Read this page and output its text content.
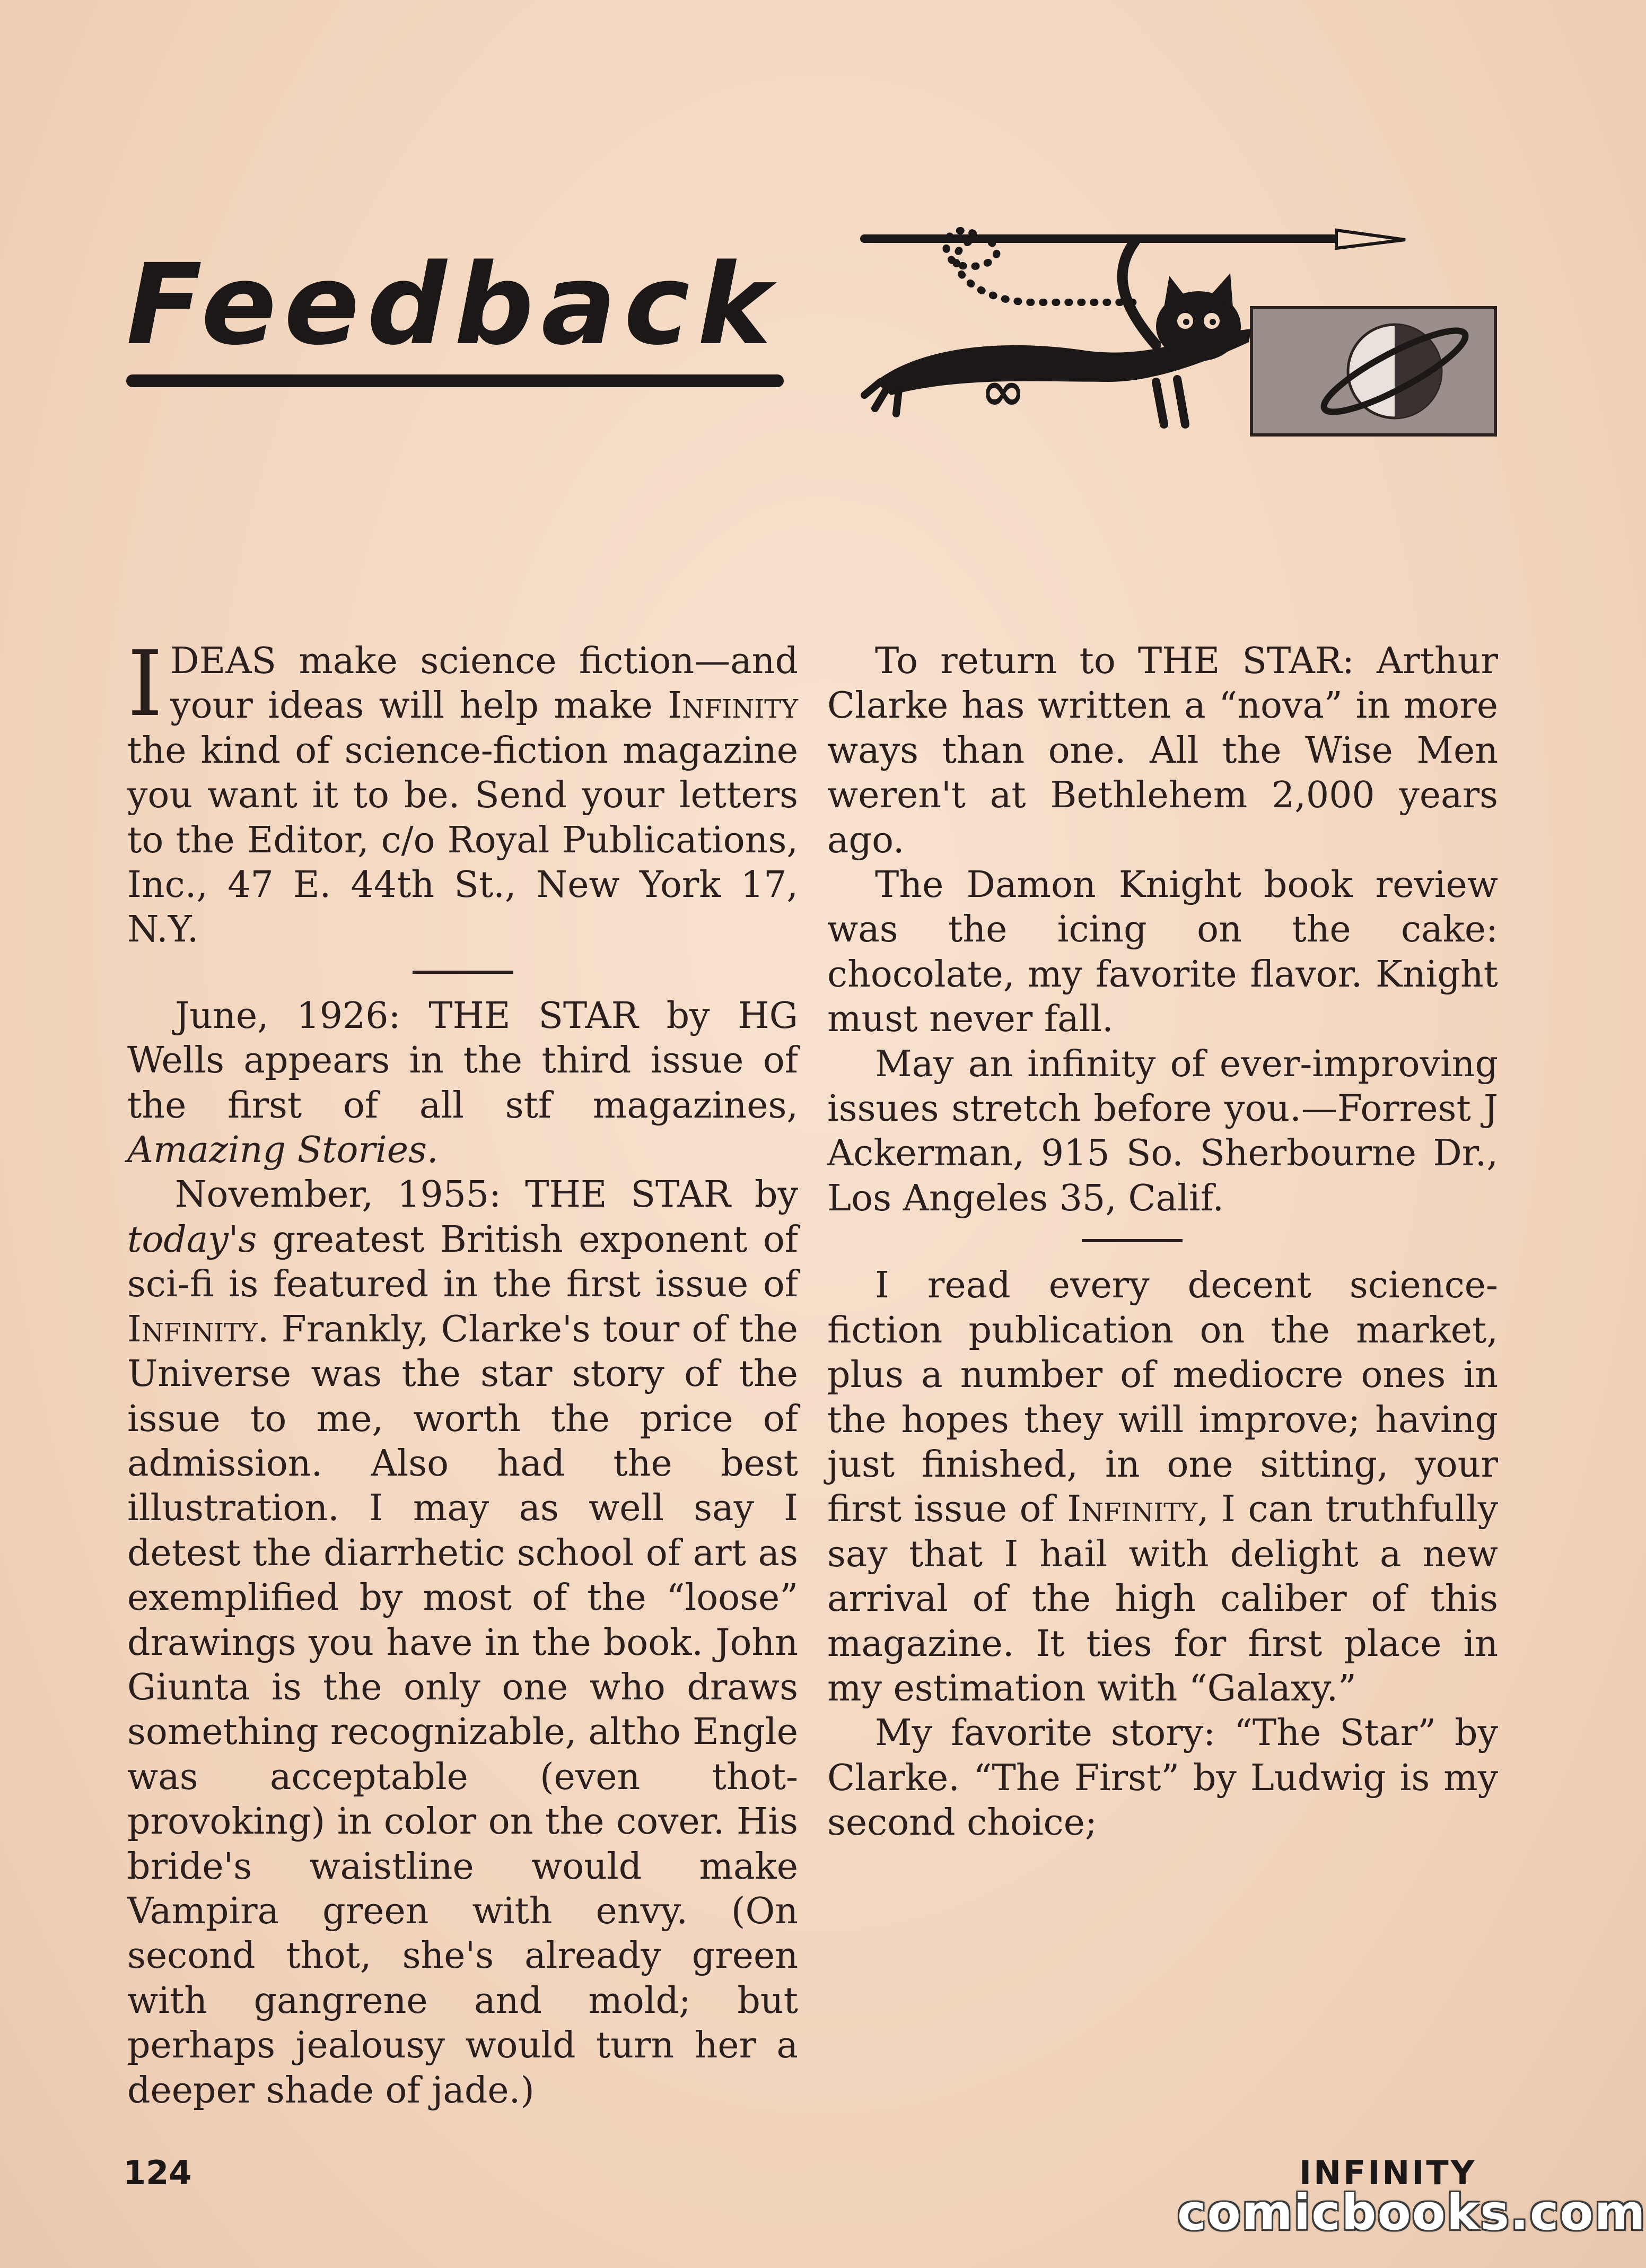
Feedback
∞

IDEAS make science fiction—and your ideas will help make Infinity the kind of science-fiction magazine you want it to be. Send your letters to the Editor, c/o Royal Publications, Inc., 47 E. 44th St., New York 17, N.Y.

June, 1926: THE STAR by HG Wells appears in the third issue of the first of all stf magazines, Amazing Stories.

November, 1955: THE STAR by today's greatest British exponent of sci-fi is featured in the first issue of Infinity. Frankly, Clarke's tour of the Universe was the star story of the issue to me, worth the price of admission. Also had the best illustration. I may as well say I detest the diarrhetic school of art as exemplified by most of the “loose” drawings you have in the book. John Giunta is the only one who draws something recognizable, altho Engle was acceptable (even thot-provoking) in color on the cover. His bride's waistline would make Vampira green with envy. (On second thot, she's already green with gangrene and mold; but perhaps jealousy would turn her a deeper shade of jade.)

To return to THE STAR: Arthur Clarke has written a “nova” in more ways than one. All the Wise Men weren't at Bethlehem 2,000 years ago.

The Damon Knight book review was the icing on the cake: chocolate, my favorite flavor. Knight must never fall.

May an infinity of ever-improving issues stretch before you.—Forrest J Ackerman, 915 So. Sherbourne Dr., Los Angeles 35, Calif.

I read every decent science-fiction publication on the market, plus a number of mediocre ones in the hopes they will improve; having just finished, in one sitting, your first issue of Infinity, I can truthfully say that I hail with delight a new arrival of the high caliber of this magazine. It ties for first place in my estimation with “Galaxy.”

My favorite story: “The Star” by Clarke. “The First” by Ludwig is my second choice;

124	INFINITY
comicbooks.com
